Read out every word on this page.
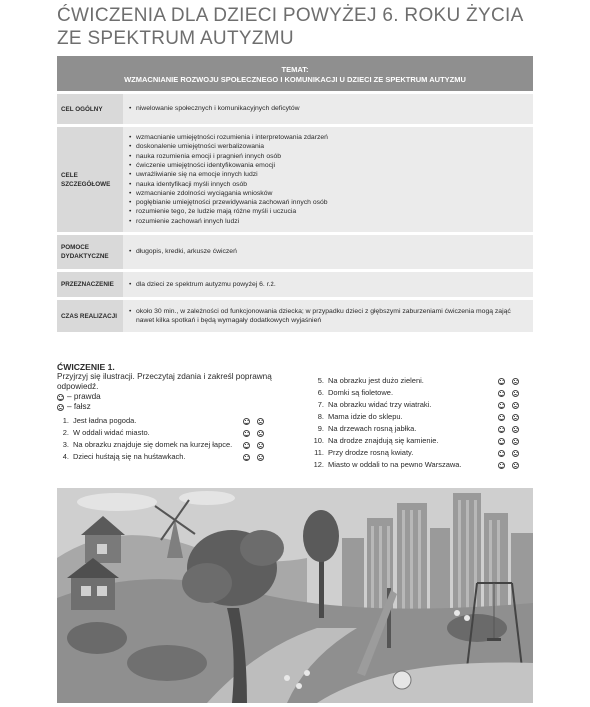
ĆWICZENIA DLA DZIECI POWYŻEJ 6. ROKU ŻYCIA
ZE SPEKTRUM AUTYZMU
TEMAT:
WZMACNIANIE ROZWOJU SPOŁECZNEGO I KOMUNIKACJI U DZIECI ZE SPEKTRUM AUTYZMU
CEL OGÓLNY	• niwelowanie społecznych i komunikacyjnych deficytów
CELE
SZCZEGÓŁOWE
• wzmacnianie umiejętności rozumienia i interpretowania zdarzeń
• doskonalenie umiejętności werbalizowania
• nauka rozumienia emocji i pragnień innych osób
• ćwiczenie umiejętności identyfikowania emocji
• uwrażliwianie się na emocje innych ludzi
• nauka identyfikacji myśli innych osób
• wzmacnianie zdolności wyciągania wniosków
• pogłębianie umiejętności przewidywania zachowań innych osób
• rozumienie tego, że ludzie mają różne myśli i uczucia
• rozumienie zachowań innych ludzi
POMOCE
DYDAKTYCZNE
• długopis, kredki, arkusze ćwiczeń
PRZEZNACZENIE	• dla dzieci ze spektrum autyzmu powyżej 6. r.ż.
CZAS REALIZACJI
• około 30 min., w zależności od funkcjonowania dziecka; w przypadku dzieci z głębszymi zaburzeniami ćwiczenia mogą zająć nawet kilka spotkań i będą wymagały dodatkowych wyjaśnień
ĆWICZENIE 1.
Przyjrzyj się ilustracji. Przeczytaj zdania i zakreśl poprawną odpowiedź.
– prawda
– fałsz
1. Jest ładna pogoda.
2. W oddali widać miasto.
3. Na obrazku znajduje się domek na kurzej łapce.
4. Dzieci huśtają się na huśtawkach.
5. Na obrazku jest dużo zieleni.
6. Domki są fioletowe.
7. Na obrazku widać trzy wiatraki.
8. Mama idzie do sklepu.
9. Na drzewach rosną jabłka.
10. Na drodze znajdują się kamienie.
11. Przy drodze rosną kwiaty.
12. Miasto w oddali to na pewno Warszawa.
